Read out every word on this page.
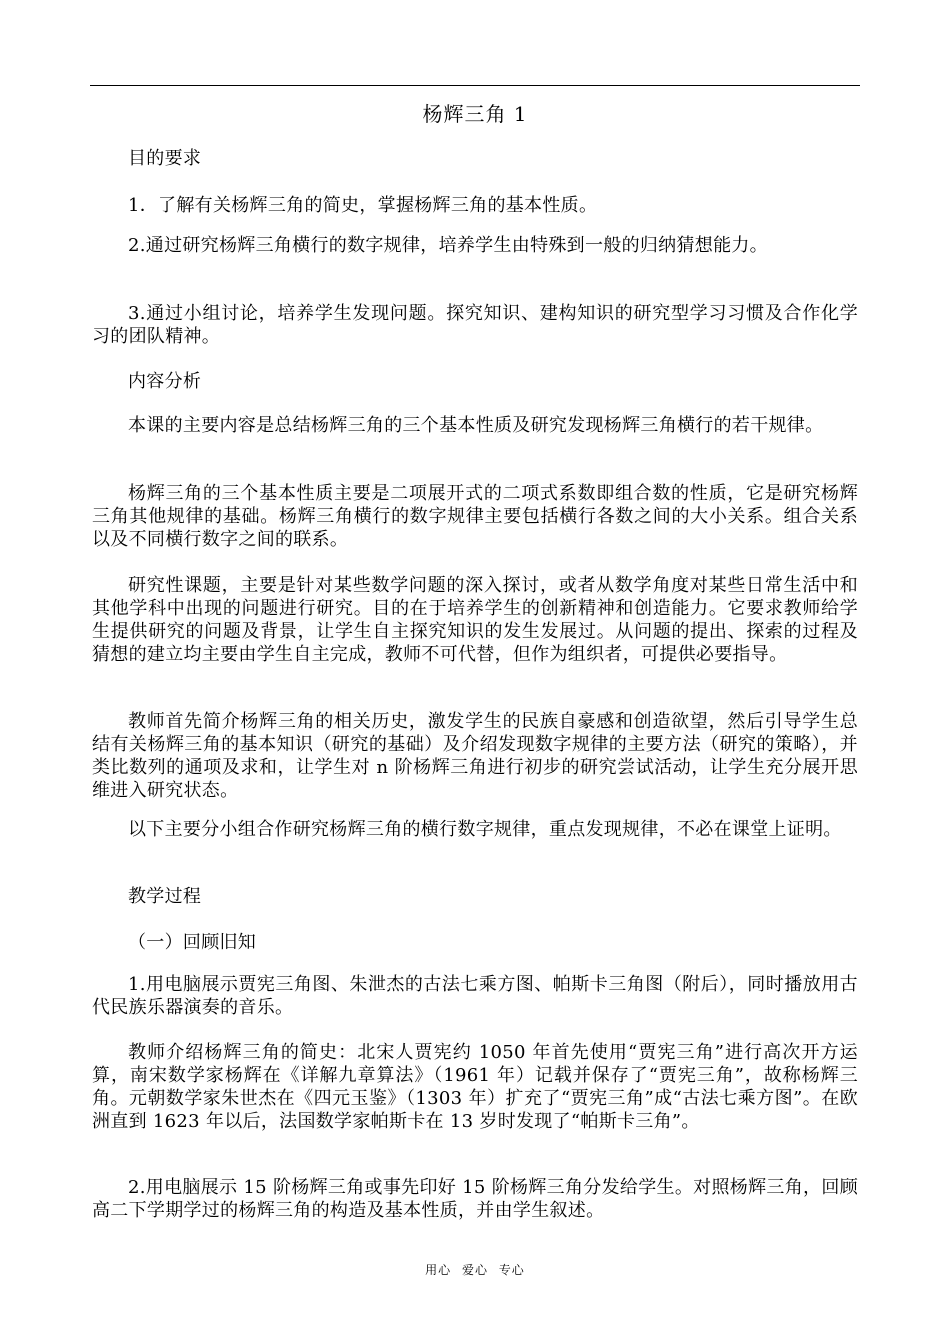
杨辉三角 1

目的要求

1．了解有关杨辉三角的简史，掌握杨辉三角的基本性质。

2.通过研究杨辉三角横行的数字规律，培养学生由特殊到一般的归纳猜想能力。

3.通过小组讨论，培养学生发现问题。探究知识、建构知识的研究型学习习惯及合作化学习的团队精神。

内容分析

本课的主要内容是总结杨辉三角的三个基本性质及研究发现杨辉三角横行的若干规律。

杨辉三角的三个基本性质主要是二项展开式的二项式系数即组合数的性质，它是研究杨辉三角其他规律的基础。杨辉三角横行的数字规律主要包括横行各数之间的大小关系。组合关系以及不同横行数字之间的联系。

研究性课题，主要是针对某些数学问题的深入探讨，或者从数学角度对某些日常生活中和其他学科中出现的问题进行研究。目的在于培养学生的创新精神和创造能力。它要求教师给学生提供研究的问题及背景，让学生自主探究知识的发生发展过。从问题的提出、探索的过程及猜想的建立均主要由学生自主完成，教师不可代替，但作为组织者，可提供必要指导。

教师首先简介杨辉三角的相关历史，激发学生的民族自豪感和创造欲望，然后引导学生总结有关杨辉三角的基本知识（研究的基础）及介绍发现数字规律的主要方法（研究的策略），并类比数列的通项及求和，让学生对 n 阶杨辉三角进行初步的研究尝试活动，让学生充分展开思维进入研究状态。

以下主要分小组合作研究杨辉三角的横行数字规律，重点发现规律，不必在课堂上证明。

教学过程

（一）回顾旧知

1.用电脑展示贾宪三角图、朱泄杰的古法七乘方图、帕斯卡三角图（附后），同时播放用古代民族乐器演奏的音乐。

教师介绍杨辉三角的简史：北宋人贾宪约 1050 年首先使用“贾宪三角”进行高次开方运算，南宋数学家杨辉在《详解九章算法》（1961 年）记载并保存了“贾宪三角”，故称杨辉三角。元朝数学家朱世杰在《四元玉鉴》（1303 年）扩充了“贾宪三角”成“古法七乘方图”。在欧洲直到 1623 年以后，法国数学家帕斯卡在 13 岁时发现了“帕斯卡三角”。

2.用电脑展示 15 阶杨辉三角或事先印好 15 阶杨辉三角分发给学生。对照杨辉三角，回顾高二下学期学过的杨辉三角的构造及基本性质，并由学生叙述。

用心 爱心 专心
